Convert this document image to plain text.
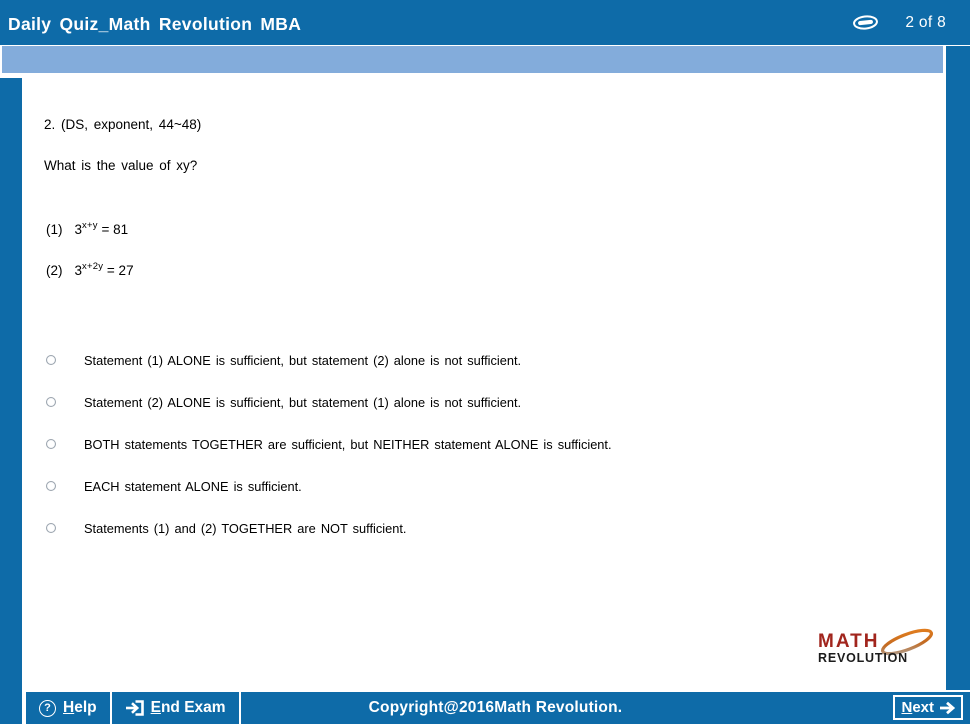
Daily Quiz_Math Revolution MBA	2 of 8
2. (DS, exponent, 44~48)
What is the value of xy?
(1) $3^{x+y} = 81$
(2) $3^{x+2y} = 27$
Statement (1) ALONE is sufficient, but statement (2) alone is not sufficient.
Statement (2) ALONE is sufficient, but statement (1) alone is not sufficient.
BOTH statements TOGETHER are sufficient, but NEITHER statement ALONE is sufficient.
EACH statement ALONE is sufficient.
Statements (1) and (2) TOGETHER are NOT sufficient.
MATH
REVOLUTION
? Help	End Exam	Copyright@2016Math Revolution.	Next
